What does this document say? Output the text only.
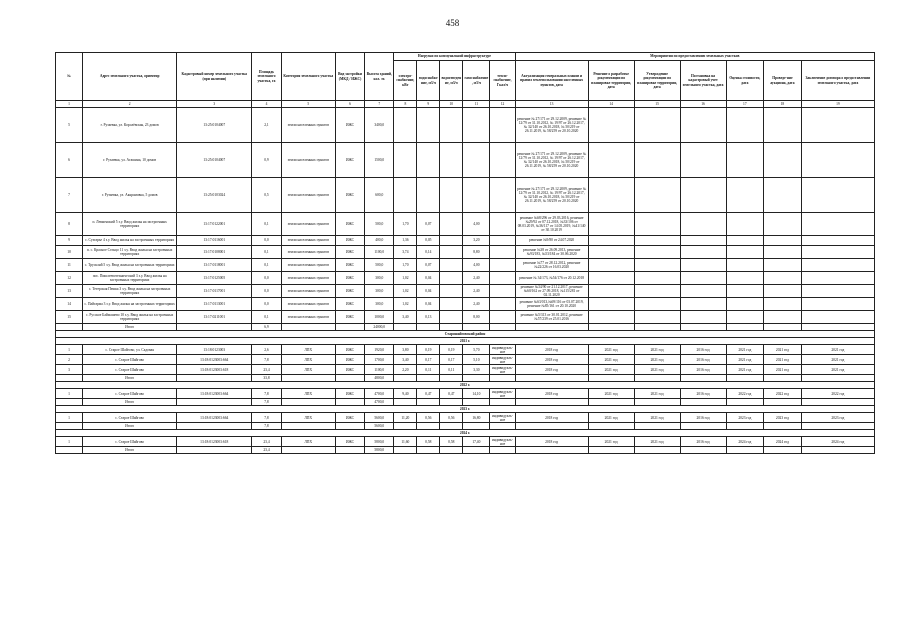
458
№	Адрес земельного участка, ориентир	Кадастровый номер земельного участка (при наличии)	Площадь земельного участка, га	Категория земельного участка	Вид застройки (МКД / ИЖС)	Высота зданий, кол. эт.	Нагрузки по коммунальной инфраструктуре					Мероприятия по предоставлению земельных участков						
							электро-снабжение, кВт	водоснабжение, м3/ч	водоотведение, м3/ч	газоснабжение, м3/ч	тепло-снабжение, Гкал/ч	Актуализация генеральных планов и правил землепользования населенных пунктов, дата	Решение о разработке документации по планировке территории, дата	Утверждение документации по планировке территории, дата	Постановка на кадастровый учет земельного участка, дата	Оценка стоимости, дата	Проведе-ние аукциона, дата	Заключение договора о предоставлении земельного участка, дата
1	2	3	4	5	6	7	8	9	10	11	12	13	14	15	16	17	18	19
5	г. Рузаевка, ул. Королёвская, 23 домов	13:25:0104007	2,1	земли населенных пунктов	ИЖС	3400,0						решение № 27/171 от 29.12.2009, решение № 12/79 от 31.10.2012, № 19/97 от 26.12.2017, № 32/140 от 26.10.2018, № 50/219 от 26.11.2019, № 58/259 от 20.10.2020						
6	г. Рузаевка, ул. Агашина, 10 домов	13:25:0104007	0,9	земли населенных пунктов	ИЖС	1500,0						решение № 27/171 от 29.12.2009, решение № 12/79 от 31.10.2012, № 19/97 от 26.12.2017, № 32/140 от 26.10.2018, № 50/219 от 26.11.2019, № 58/259 от 20.10.2020						
7	г. Рузаевка, ул. Аккрамовка, 5 домов	13:25:0103024	0,5	земли населенных пунктов	ИЖС	600,0						решение № 27/171 от 29.12.2009, решение № 12/79 от 31.10.2012, № 19/97 от 26.12.2017, № 32/140 от 26.10.2018, № 50/219 от 26.11.2019, № 58/259 от 20.10.2020						
8	п. Левженский 5 з.у. Ввод жилья на застроенных территориях	13:17:0122001	0,1	земли населенных пунктов	ИЖС	500,0	1,70	0,07		4,00		решение №68/296 от 29.03.2016, решение №29/92 от 07.12.2018, №33/106 от 08.03.2019, №36/117 от 14.05.2019, №41/140 от 30.10.2019						
9	с. Сузгарье 4 з.у. Ввод жилья на застроенных территориях	13:17:0116001	0,0	земли населенных пунктов	ИЖС	400,0	1,36	0,05		3,20		решение №9/80 от 24.07.2020						
10	п. с. Красное Сельцо 11 з.у. Ввод жилья на застроенных территориях	13:17:0108001	0,1	земли населенных пунктов	ИЖС	1100,0	3,74	0,14		8,80		решение №38 от 26.09.2013, решение №93/183, №53/184 от 30.06.2020						
11	с. Трускляй 5 з.у. Ввод жилья на застроенных территориях	13:17:0118001	0,1	земли населенных пунктов	ИЖС	500,0	1,70	0,07		4,00		решение №77 от 28.12.2012, решение №22/226 от 16.03.2020						
12	пос. Пишлеевотехнический 3 з.у. Ввод жилья на застроенных территориях	13:17:0125005	0,0	земли населенных пунктов	ИЖС	300,0	1,02	0,04		2,40		решение № 34/173, №54/176 от 20.12.2018						
13	с. Тетерская Пешка 3 з.у. Ввод жилья на застроенных территориях	13:17:0117001	0,0	земли населенных пунктов	ИЖС	300,0	1,02	0,04		2,40		решение №34/90 от 21.12.2017, решение №60/162 от 27.09.2018, №115/281 от 02.11.2020						
14	с. Пайгарма 3 з.у. Ввод жилья на застроенных территориях	13:17:0113001	0,0	земли населенных пунктов	ИЖС	300,0	1,02	0,04		2,40		решение №63/013,№69/116 от 03.07.2019, решение №85/161 от 20.10.2020						
15	с. Русское Баймашево 10 з.у. Ввод жилья на застроенных территориях	13:17:0211001	0,1	земли населенных пунктов	ИЖС	1000,0	3,40	0,13		8,00		решение №5/313 от 30.01.2012, решение №57/239 от 25.01.2016						
	Итого		6,9			24000,0												
Старошайговский район																		
2021 г.																		
1	с. Старое Шайгово, ул. Садовая	13:18:0123003	2,6	ЛПХ	ИЖС	1920,0	3,80	0,19	0,19	5,70	индивидуаль-ное	2018 год	2021 год	2021 год	2016 год	2021 год	2021 год	2021 год
2	с. Старое Шайгово	13:18:0123003:664	7,8	ЛПХ	ИЖС	1700,0	3,40	0,17	0,17	5,10	индивидуаль-ное	2018 год	2021 год	2021 год	2016 год	2021 год	2021 год	2021 год
3	с. Старое Шайгово	13:18:0123003:618	23,4	ЛПХ	ИЖС	1100,0	2,20	0,11	0,11	3,30	индивидуаль-ное	2018 год	2021 год	2021 год	2016 год	2021 год	2021 год	2021 год
	Итого		33,8			4800,0												
2022 г.																		
1	с. Старое Шайгово	13:18:0123003:664	7,8	ЛПХ	ИЖС	4700,0	9,40	0,47	0,47	14,10	индивидуаль-ное	2018 год	2021 год	2021 год	2016 год	2022 год	2022 год	2022 год
	Итого		7,8			4700,0												
2023 г.																		
1	с. Старое Шайгово	13:18:0123003:664	7,8	ЛПХ	ИЖС	5600,0	11,20	0,56	0,56	16,80	индивидуаль-ное	2018 год	2021 год	2021 год	2016 год	2023 год	2023 год	2023 год
	Итого		7,8			5600,0												
2024 г.																		
1	с. Старое Шайгово	13:18:0123003:618	23,4	ЛПХ	ИЖС	5800,0	11,60	0,58	0,58	17,40	индивидуаль-ное	2018 год	2021 год	2021 год	2016 год	2024 год	2024 год	2024 год
	Итого		23,4			5800,0												
